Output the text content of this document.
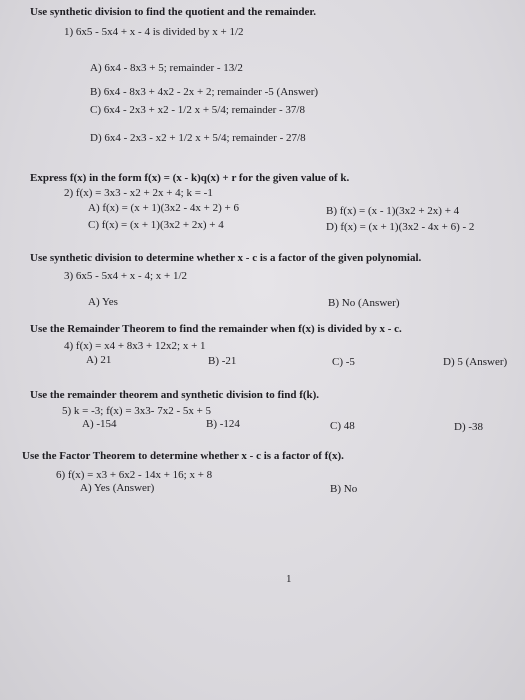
Use synthetic division to find the quotient and the remainder.
1) 6x5 - 5x4 + x - 4 is divided by x + 1/2
A) 6x4 - 8x3 + 5; remainder - 13/2
B) 6x4 - 8x3 + 4x2 - 2x + 2; remainder -5 (Answer)
C) 6x4 - 2x3 + x2 - 1/2 x + 5/4; remainder - 37/8
D) 6x4 - 2x3 - x2 + 1/2 x + 5/4; remainder - 27/8
Express f(x) in the form f(x) = (x - k)q(x) + r for the given value of k.
2) f(x) = 3x3 - x2 + 2x + 4; k = -1
A) f(x) = (x + 1)(3x2 - 4x + 2) + 6	B) f(x) = (x - 1)(3x2 + 2x) + 4
C) f(x) = (x + 1)(3x2 + 2x) + 4	D) f(x) = (x + 1)(3x2 - 4x + 6) - 2
Use synthetic division to determine whether x - c is a factor of the given polynomial.
3) 6x5 - 5x4 + x - 4; x + 1/2
A) Yes	B) No (Answer)
Use the Remainder Theorem to find the remainder when f(x) is divided by x - c.
4) f(x) = x4 + 8x3 + 12x2; x + 1
A) 21	B) -21	C) -5	D) 5 (Answer)
Use the remainder theorem and synthetic division to find f(k).
5) k = -3; f(x) = 3x3- 7x2 - 5x + 5
A) -154	B) -124	C) 48	D) -38
Use the Factor Theorem to determine whether x - c is a factor of f(x).
6) f(x) = x3 + 6x2 - 14x + 16; x + 8
A) Yes (Answer)	B) No
1
